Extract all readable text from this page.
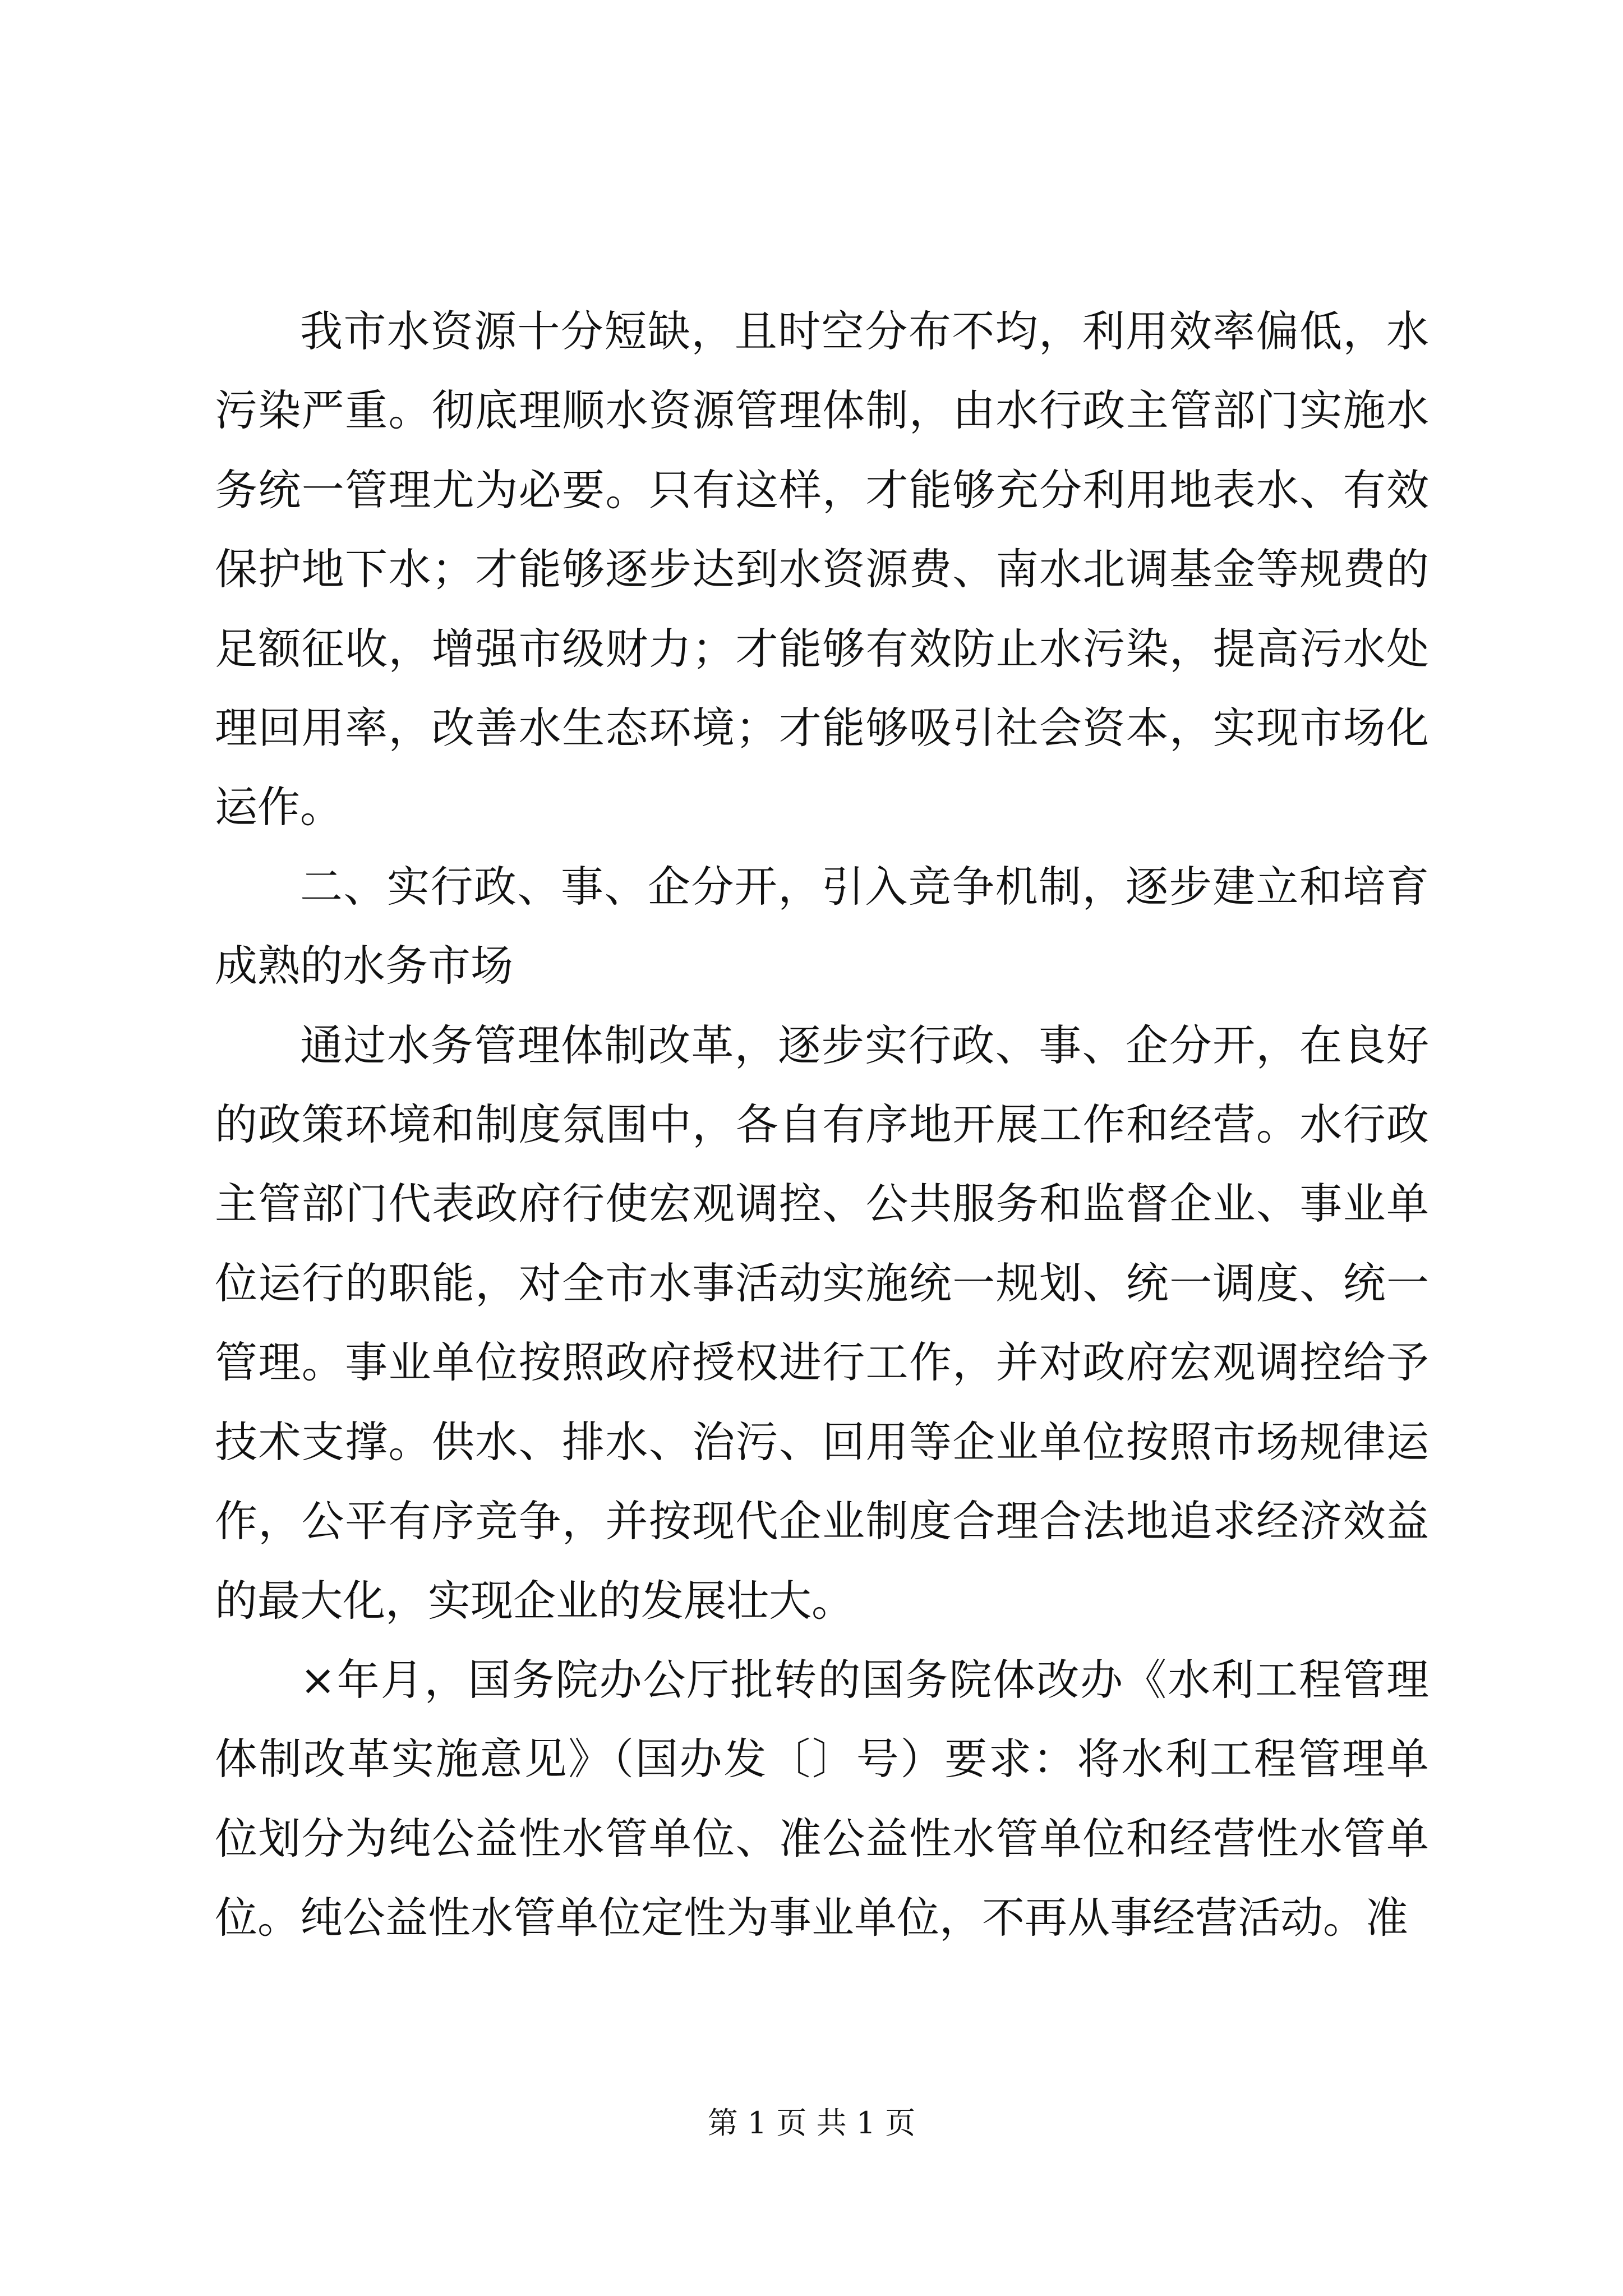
我市水资源十分短缺，且时空分布不均，利用效率偏低，水污染严重。彻底理顺水资源管理体制，由水行政主管部门实施水务统一管理尤为必要。只有这样，才能够充分利用地表水、有效保护地下水；才能够逐步达到水资源费、南水北调基金等规费的足额征收，增强市级财力；才能够有效防止水污染，提高污水处理回用率，改善水生态环境；才能够吸引社会资本，实现市场化运作。

二、实行政、事、企分开，引入竞争机制，逐步建立和培育成熟的水务市场

通过水务管理体制改革，逐步实行政、事、企分开，在良好的政策环境和制度氛围中，各自有序地开展工作和经营。水行政主管部门代表政府行使宏观调控、公共服务和监督企业、事业单位运行的职能，对全市水事活动实施统一规划、统一调度、统一管理。事业单位按照政府授权进行工作，并对政府宏观调控给予技术支撑。供水、排水、治污、回用等企业单位按照市场规律运作，公平有序竞争，并按现代企业制度合理合法地追求经济效益的最大化，实现企业的发展壮大。

×年月，国务院办公厅批转的国务院体改办《水利工程管理体制改革实施意见》（国办发〔〕号）要求：将水利工程管理单位划分为纯公益性水管单位、准公益性水管单位和经营性水管单位。纯公益性水管单位定性为事业单位，不再从事经营活动。准

第 1 页 共 1 页
